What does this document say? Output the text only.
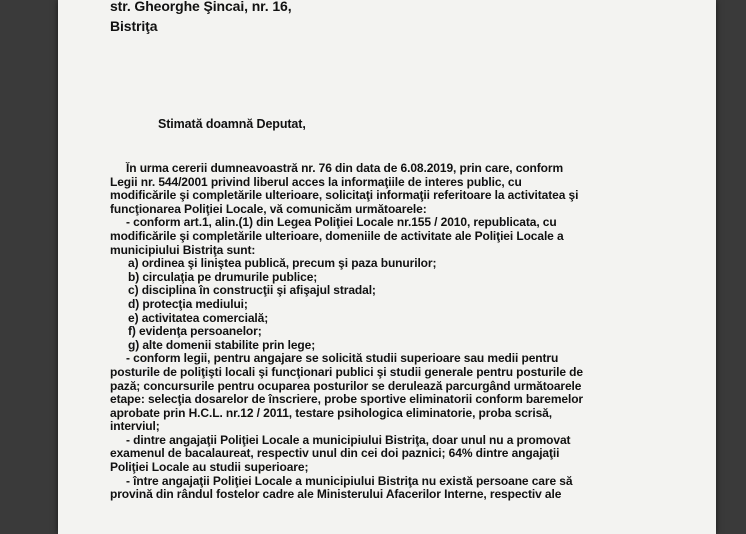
str. Gheorghe Şincai, nr. 16,
Bistriţa
Stimată doamnă Deputat,
În urma cererii dumneavoastră nr. 76 din data de 6.08.2019, prin care, conform
Legii nr. 544/2001 privind liberul acces la informaţiile de interes public, cu
modificările şi completările ulterioare, solicitaţi informaţii referitoare la activitatea şi
funcţionarea Poliţiei Locale, vă comunicăm următoarele:
- conform art.1, alin.(1) din Legea Poliţiei Locale nr.155 / 2010, republicata, cu
modificările şi completările ulterioare, domeniile de activitate ale Poliţiei Locale a
municipiului Bistriţa sunt:
a) ordinea şi liniştea publică, precum şi paza bunurilor;
b) circulaţia pe drumurile publice;
c) disciplina în construcţii şi afişajul stradal;
d) protecţia mediului;
e) activitatea comercială;
f) evidenţa persoanelor;
g) alte domenii stabilite prin lege;
- conform legii, pentru angajare se solicită studii superioare sau medii pentru
posturile de poliţişti locali şi funcţionari publici şi studii generale pentru posturile de
pază; concursurile pentru ocuparea posturilor se derulează parcurgând următoarele
etape: selecţia dosarelor de înscriere, probe sportive eliminatorii conform baremelor
aprobate prin H.C.L. nr.12 / 2011, testare psihologica eliminatorie, proba scrisă,
interviul;
- dintre angajaţii Poliţiei Locale a municipiului Bistriţa, doar unul nu a promovat
examenul de bacalaureat, respectiv unul din cei doi paznici; 64% dintre angajaţii
Poliţiei Locale au studii superioare;
- între angajaţii Poliţiei Locale a municipiului Bistriţa nu există persoane care să
provină din rândul fostelor cadre ale Ministerului Afacerilor Interne, respectiv ale
